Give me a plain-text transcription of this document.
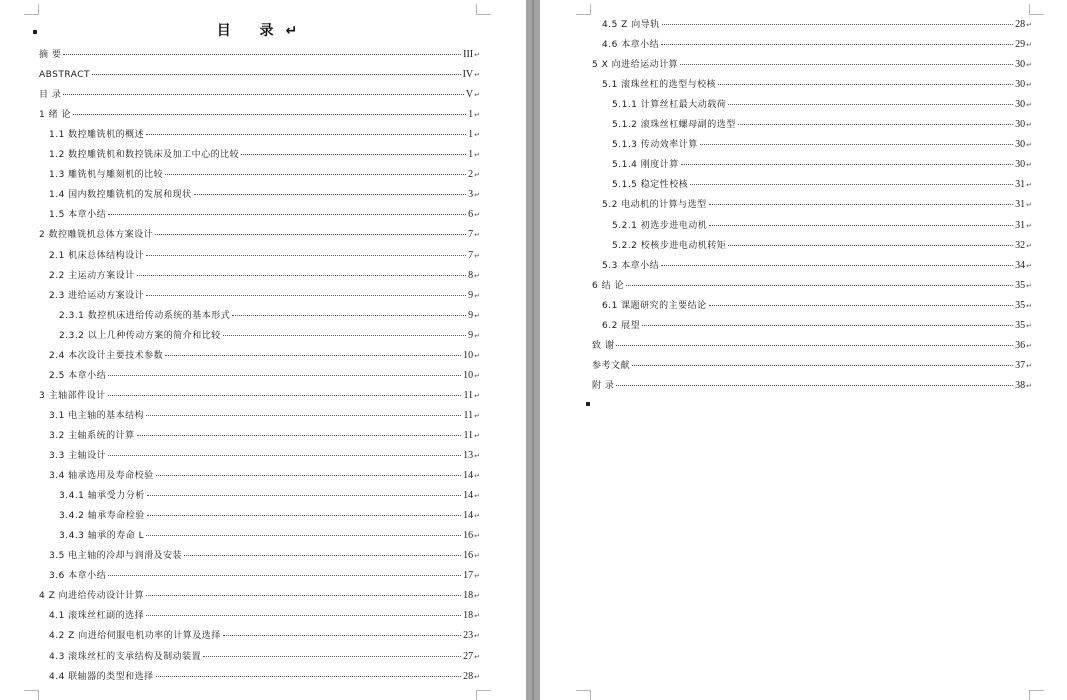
目 录↵
摘 要	III ↵
ABSTRACT	IV ↵
目 录	V ↵
1 绪 论	1 ↵
1.1 数控雕铣机的概述	1 ↵
1.2 数控雕铣机和数控铣床及加工中心的比较	1 ↵
1.3 雕铣机与雕刻机的比较	2 ↵
1.4 国内数控雕铣机的发展和现状	3 ↵
1.5 本章小结	6 ↵
2 数控雕铣机总体方案设计	7 ↵
2.1 机床总体结构设计	7 ↵
2.2 主运动方案设计	8 ↵
2.3 进给运动方案设计	9 ↵
2.3.1 数控机床进给传动系统的基本形式	9 ↵
2.3.2 以上几种传动方案的简介和比较	9 ↵
2.4 本次设计主要技术参数	10 ↵
2.5 本章小结	10 ↵
3 主轴部件设计	11 ↵
3.1 电主轴的基本结构	11 ↵
3.2 主轴系统的计算	11 ↵
3.3 主轴设计	13 ↵
3.4 轴承选用及寿命校验	14 ↵
3.4.1 轴承受力分析	14 ↵
3.4.2 轴承寿命检验	14 ↵
3.4.3 轴承的寿命 L	16 ↵
3.5 电主轴的冷却与润滑及安装	16 ↵
3.6 本章小结	17 ↵
4 Z 向进给传动设计计算	18 ↵
4.1 滚珠丝杠副的选择	18 ↵
4.2 Z 向进给伺服电机功率的计算及选择	23 ↵
4.3 滚珠丝杠的支承结构及制动装置	27 ↵
4.4 联轴器的类型和选择	28 ↵
4.5 Z 向导轨	28 ↵
4.6 本章小结	29 ↵
5 X 向进给运动计算	30 ↵
5.1 滚珠丝杠的选型与校核	30 ↵
5.1.1 计算丝杠最大动载荷	30 ↵
5.1.2 滚珠丝杠螺母副的选型	30 ↵
5.1.3 传动效率计算	30 ↵
5.1.4 刚度计算	30 ↵
5.1.5 稳定性校核	31 ↵
5.2 电动机的计算与选型	31 ↵
5.2.1 初选步进电动机	31 ↵
5.2.2 校核步进电动机转矩	32 ↵
5.3 本章小结	34 ↵
6 结 论	35 ↵
6.1 课题研究的主要结论	35 ↵
6.2 展望	35 ↵
致 谢	36 ↵
参考文献	37 ↵
附 录	38 ↵
